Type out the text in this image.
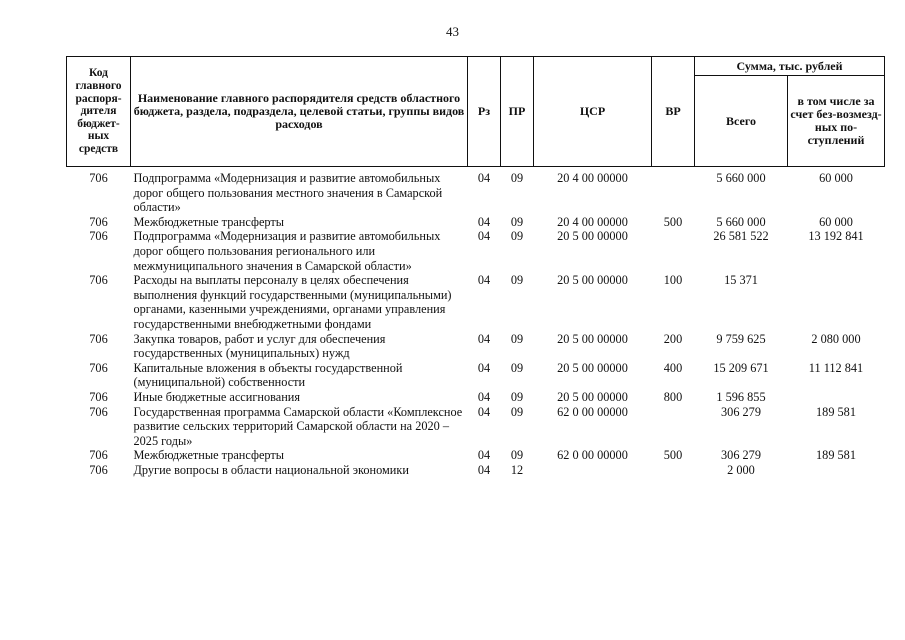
43
Код главного распоря-дителя бюджет-ных средств	Наименование главного распорядителя средств областного бюджета, раздела, подраздела, целевой статьи, группы видов расходов	Рз	ПР	ЦСР	ВР	Сумма, тыс. рублей	
						Всего	в том числе за счет без-возмезд-ных по-ступлений
706	Подпрограмма «Модернизация и развитие автомобильных дорог общего пользования местного значения в Самарской области»	04	09	20 4 00 00000		5 660 000	60 000
706	Межбюджетные трансферты	04	09	20 4 00 00000	500	5 660 000	60 000
706	Подпрограмма «Модернизация и развитие автомобильных дорог общего пользования регионального или межмуниципального значения в Самарской области»	04	09	20 5 00 00000		26 581 522	13 192 841
706	Расходы на выплаты персоналу в целях обеспечения выполнения функций государственными (муниципальными) органами, казенными учреждениями, органами управления государственными внебюджетными фондами	04	09	20 5 00 00000	100	15 371	
706	Закупка товаров, работ и услуг для обеспечения государственных (муниципальных) нужд	04	09	20 5 00 00000	200	9 759 625	2 080 000
706	Капитальные вложения в объекты государственной (муниципальной) собственности	04	09	20 5 00 00000	400	15 209 671	11 112 841
706	Иные бюджетные ассигнования	04	09	20 5 00 00000	800	1 596 855	
706	Государственная программа Самарской области «Комплексное развитие сельских территорий Самарской области на 2020 – 2025 годы»	04	09	62 0 00 00000		306 279	189 581
706	Межбюджетные трансферты	04	09	62 0 00 00000	500	306 279	189 581
706	Другие вопросы в области национальной экономики	04	12			2 000	
